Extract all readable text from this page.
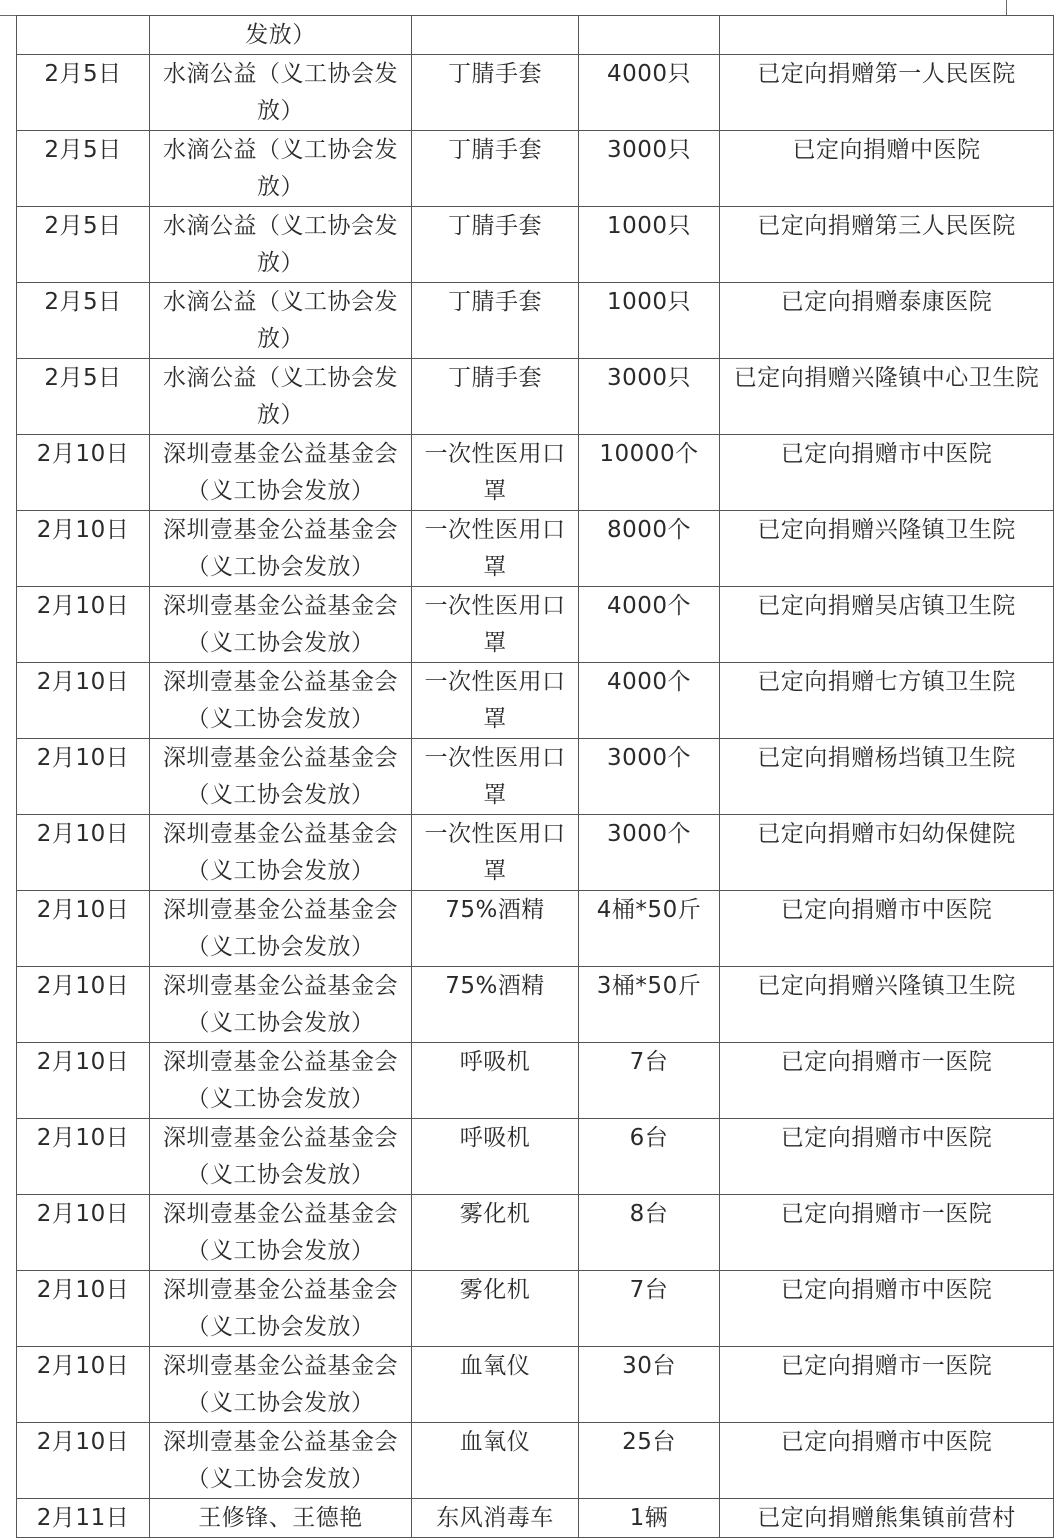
	发放）			
2月5日	水滴公益（义工协会发放）	丁腈手套	4000只	已定向捐赠第一人民医院
2月5日	水滴公益（义工协会发放）	丁腈手套	3000只	已定向捐赠中医院
2月5日	水滴公益（义工协会发放）	丁腈手套	1000只	已定向捐赠第三人民医院
2月5日	水滴公益（义工协会发放）	丁腈手套	1000只	已定向捐赠泰康医院
2月5日	水滴公益（义工协会发放）	丁腈手套	3000只	已定向捐赠兴隆镇中心卫生院
2月10日	深圳壹基金公益基金会（义工协会发放）	一次性医用口罩	10000个	已定向捐赠市中医院
2月10日	深圳壹基金公益基金会（义工协会发放）	一次性医用口罩	8000个	已定向捐赠兴隆镇卫生院
2月10日	深圳壹基金公益基金会（义工协会发放）	一次性医用口罩	4000个	已定向捐赠吴店镇卫生院
2月10日	深圳壹基金公益基金会（义工协会发放）	一次性医用口罩	4000个	已定向捐赠七方镇卫生院
2月10日	深圳壹基金公益基金会（义工协会发放）	一次性医用口罩	3000个	已定向捐赠杨垱镇卫生院
2月10日	深圳壹基金公益基金会（义工协会发放）	一次性医用口罩	3000个	已定向捐赠市妇幼保健院
2月10日	深圳壹基金公益基金会（义工协会发放）	75%酒精	4桶*50斤	已定向捐赠市中医院
2月10日	深圳壹基金公益基金会（义工协会发放）	75%酒精	3桶*50斤	已定向捐赠兴隆镇卫生院
2月10日	深圳壹基金公益基金会（义工协会发放）	呼吸机	7台	已定向捐赠市一医院
2月10日	深圳壹基金公益基金会（义工协会发放）	呼吸机	6台	已定向捐赠市中医院
2月10日	深圳壹基金公益基金会（义工协会发放）	雾化机	8台	已定向捐赠市一医院
2月10日	深圳壹基金公益基金会（义工协会发放）	雾化机	7台	已定向捐赠市中医院
2月10日	深圳壹基金公益基金会（义工协会发放）	血氧仪	30台	已定向捐赠市一医院
2月10日	深圳壹基金公益基金会（义工协会发放）	血氧仪	25台	已定向捐赠市中医院
2月11日	王修锋、王德艳	东风消毒车	1辆	已定向捐赠熊集镇前营村
